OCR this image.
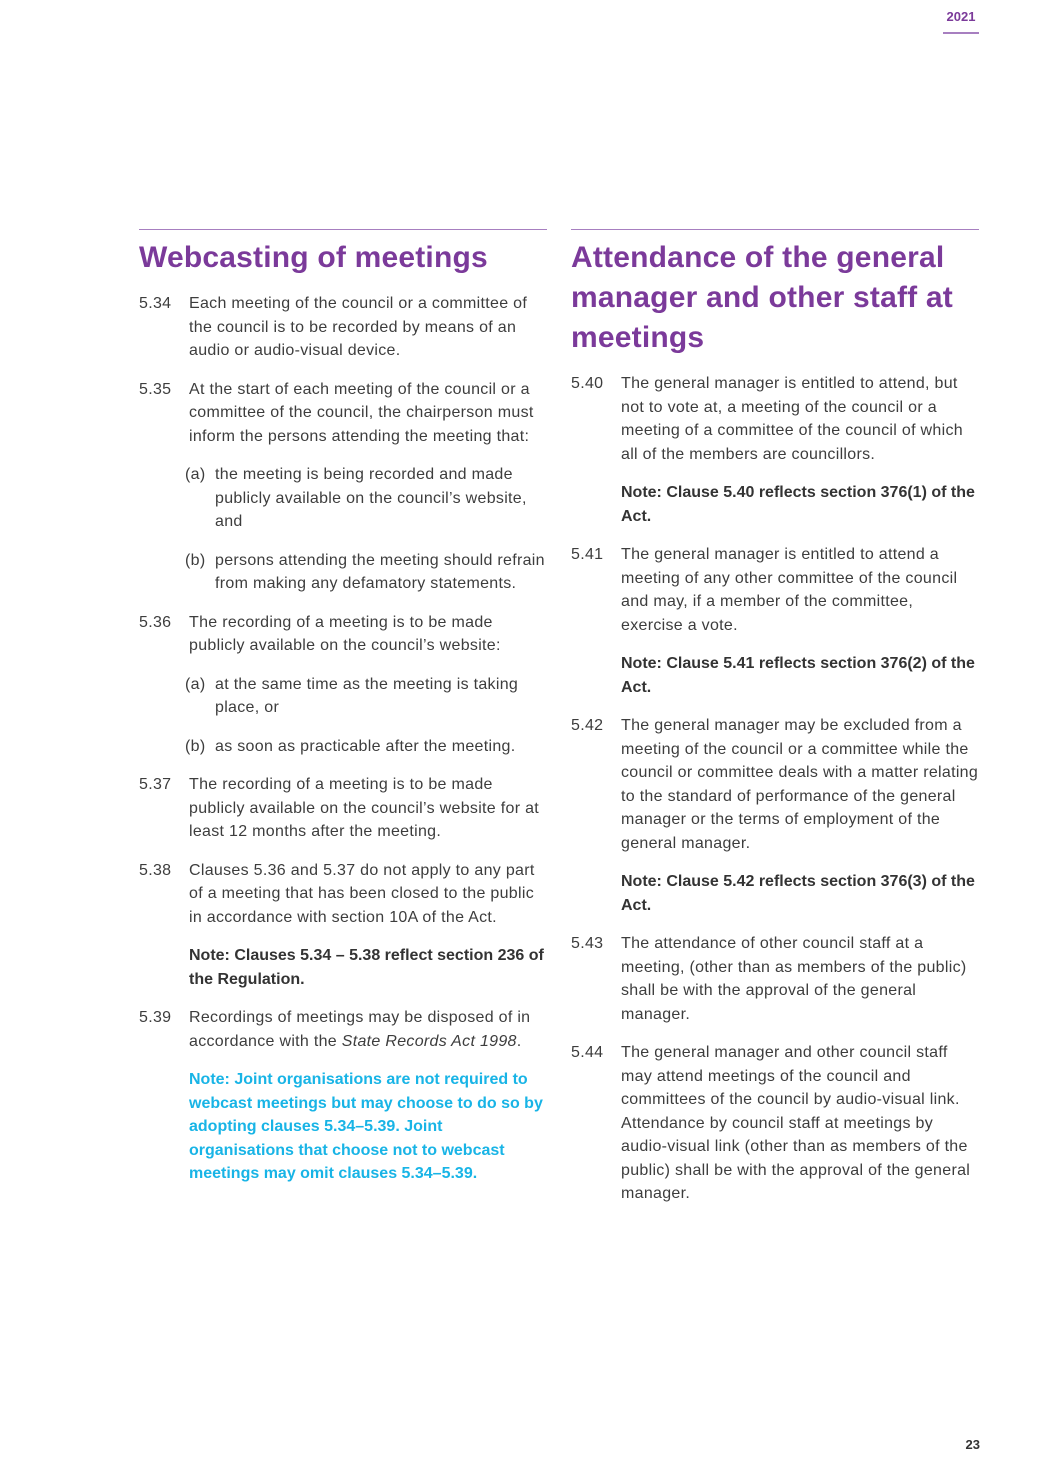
2021
Webcasting of meetings
5.34	Each meeting of the council or a committee of the council is to be recorded by means of an audio or audio-visual device.
5.35	At the start of each meeting of the council or a committee of the council, the chairperson must inform the persons attending the meeting that:
(a) the meeting is being recorded and made publicly available on the council’s website, and
(b) persons attending the meeting should refrain from making any defamatory statements.
5.36	The recording of a meeting is to be made publicly available on the council’s website:
(a) at the same time as the meeting is taking place, or
(b) as soon as practicable after the meeting.
5.37	The recording of a meeting is to be made publicly available on the council’s website for at least 12 months after the meeting.
5.38	Clauses 5.36 and 5.37 do not apply to any part of a meeting that has been closed to the public in accordance with section 10A of the Act.
Note: Clauses 5.34 – 5.38 reflect section 236 of the Regulation.
5.39	Recordings of meetings may be disposed of in accordance with the State Records Act 1998.
Note: Joint organisations are not required to webcast meetings but may choose to do so by adopting clauses 5.34–5.39. Joint organisations that choose not to webcast meetings may omit clauses 5.34–5.39.
Attendance of the general manager and other staff at meetings
5.40	The general manager is entitled to attend, but not to vote at, a meeting of the council or a meeting of a committee of the council of which all of the members are councillors.
Note: Clause 5.40 reflects section 376(1) of the Act.
5.41	The general manager is entitled to attend a meeting of any other committee of the council and may, if a member of the committee, exercise a vote.
Note: Clause 5.41 reflects section 376(2) of the Act.
5.42	The general manager may be excluded from a meeting of the council or a committee while the council or committee deals with a matter relating to the standard of performance of the general manager or the terms of employment of the general manager.
Note: Clause 5.42 reflects section 376(3) of the Act.
5.43	The attendance of other council staff at a meeting, (other than as members of the public) shall be with the approval of the general manager.
5.44	The general manager and other council staff may attend meetings of the council and committees of the council by audio-visual link. Attendance by council staff at meetings by audio-visual link (other than as members of the public) shall be with the approval of the general manager.
23
